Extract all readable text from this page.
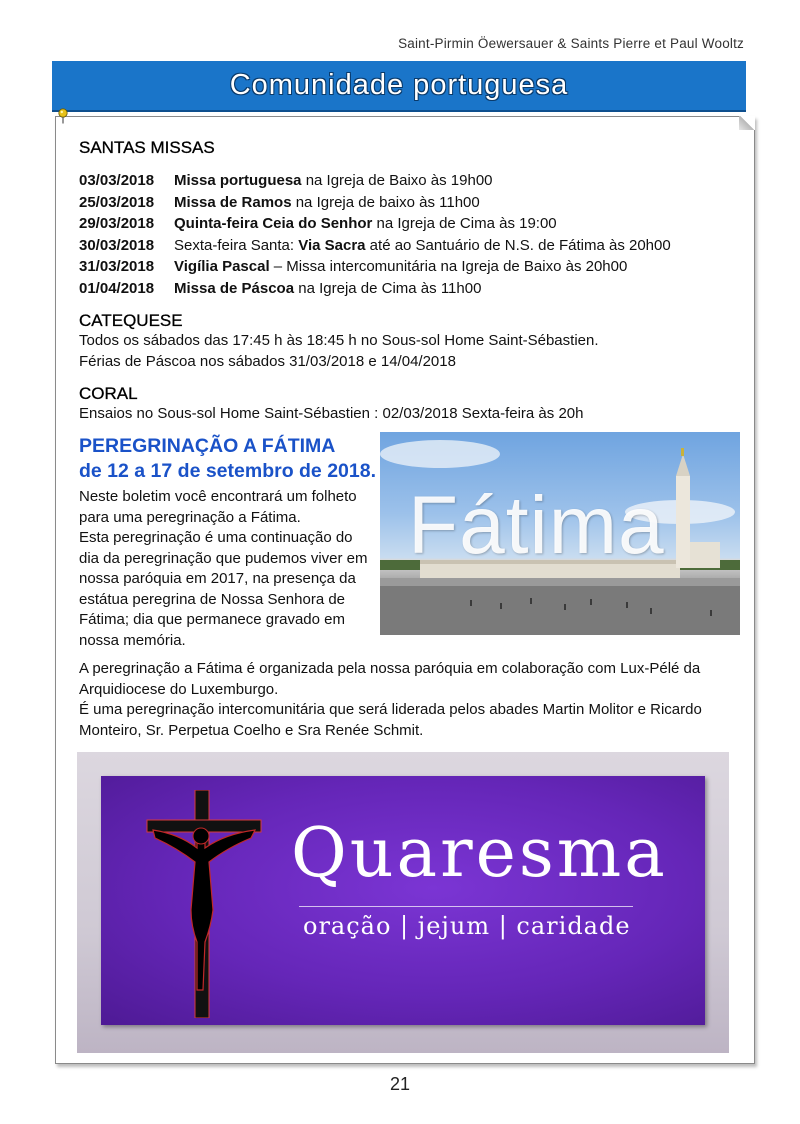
Saint-Pirmin Öewersauer & Saints Pierre et Paul Wooltz
Comunidade portuguesa
SANTAS MISSAS
03/03/2018 Missa portuguesa na Igreja de Baixo às 19h00
25/03/2018 Missa de Ramos na Igreja de baixo às 11h00
29/03/2018 Quinta-feira Ceia do Senhor na Igreja de Cima às 19:00
30/03/2018 Sexta-feira Santa: Via Sacra até ao Santuário de N.S. de Fátima às 20h00
31/03/2018 Vigília Pascal – Missa intercomunitária na Igreja de Baixo às 20h00
01/04/2018 Missa de Páscoa na Igreja de Cima às 11h00
CATEQUESE
Todos os sábados das 17:45 h às 18:45 h no Sous-sol Home Saint-Sébastien.
Férias de Páscoa nos sábados 31/03/2018 e 14/04/2018
CORAL
Ensaios no Sous-sol Home Saint-Sébastien : 02/03/2018 Sexta-feira às 20h
PEREGRINAÇÃO A FÁTIMA
de 12 a 17 de setembro de 2018.
Neste boletim você encontrará um folheto
para uma peregrinação a Fátima.
Esta peregrinação é uma continuação do
dia da peregrinação que pudemos viver em
nossa paróquia em 2017, na presença da
estátua peregrina de Nossa Senhora de
Fátima; dia que permanece gravado em
nossa memória.
Fátima
A peregrinação a Fátima é organizada pela nossa paróquia em colaboração com Lux-Pélé da
Arquidiocese do Luxemburgo.
É uma peregrinação intercomunitária que será liderada pelos abades Martin Molitor e Ricardo
Monteiro, Sr. Perpetua Coelho e Sra Renée Schmit.
Quaresma
oração | jejum | caridade
21
